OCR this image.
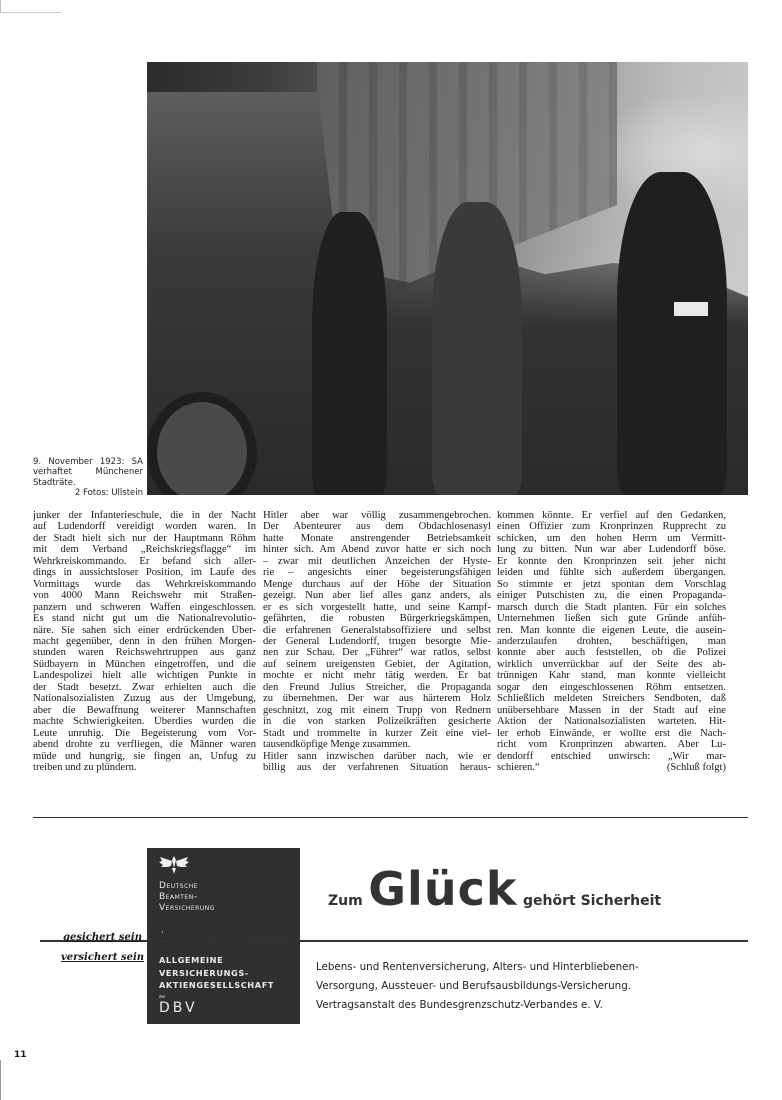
9. November 1923: SA
verhaftet Münchener
Stadträte.
2 Fotos: Ullstein
junker der Infanterieschule, die in der Nacht
auf Ludendorff vereidigt worden waren. In
der Stadt hielt sich nur der Hauptmann Röhm
mit dem Verband „Reichskriegsflagge“ im
Wehrkreiskommando. Er befand sich aller-
dings in aussichtsloser Position, im Laufe des
Vormittags wurde das Wehrkreiskommando
von 4000 Mann Reichswehr mit Straßen-
panzern und schweren Waffen eingeschlossen.
Es stand nicht gut um die Nationalrevolutio-
näre. Sie sahen sich einer erdrückenden Über-
macht gegenüber, denn in den frühen Morgen-
stunden waren Reichswehrtruppen aus ganz
Südbayern in München eingetroffen, und die
Landespolizei hielt alle wichtigen Punkte in
der Stadt besetzt. Zwar erhielten auch die
Nationalsozialisten Zuzug aus der Umgebung,
aber die Bewaffnung weiterer Mannschaften
machte Schwierigkeiten. Überdies wurden die
Leute unruhig. Die Begeisterung vom Vor-
abend drohte zu verfliegen, die Männer waren
müde und hungrig, sie fingen an, Unfug zu
treiben und zu plündern.
Hitler aber war völlig zusammengebrochen.
Der Abenteurer aus dem Obdachlosenasyl
hatte Monate anstrengender Betriebsamkeit
hinter sich. Am Abend zuvor hatte er sich noch
– zwar mit deutlichen Anzeichen der Hyste-
rie – angesichts einer begeisterungsfähigen
Menge durchaus auf der Höhe der Situation
gezeigt. Nun aber lief alles ganz anders, als
er es sich vorgestellt hatte, und seine Kampf-
gefährten, die robusten Bürgerkriegskämpen,
die erfahrenen Generalstabsoffiziere und selbst
der General Ludendorff, trugen besorgte Mie-
nen zur Schau. Der „Führer“ war ratlos, selbst
auf seinem ureigensten Gebiet, der Agitation,
mochte er nicht mehr tätig werden. Er bat
den Freund Julius Streicher, die Propaganda
zu übernehmen. Der war aus härterem Holz
geschnitzt, zog mit einem Trupp von Rednern
in die von starken Polizeikräften gesicherte
Stadt und trommelte in kurzer Zeit eine viel-
tausendköpfige Menge zusammen.
Hitler sann inzwischen darüber nach, wie er
billig aus der verfahrenen Situation heraus-
kommen könnte. Er verfiel auf den Gedanken,
einen Offizier zum Kronprinzen Rupprecht zu
schicken, um den hohen Herrn um Vermitt-
lung zu bitten. Nun war aber Ludendorff böse.
Er konnte den Kronprinzen seit jeher nicht
leiden und fühlte sich außerdem übergangen.
So stimmte er jetzt spontan dem Vorschlag
einiger Putschisten zu, die einen Propaganda-
marsch durch die Stadt planten. Für ein solches
Unternehmen ließen sich gute Gründe anfüh-
ren. Man konnte die eigenen Leute, die ausein-
anderzulaufen drohten, beschäftigen, man
konnte aber auch feststellen, ob die Polizei
wirklich unverrückbar auf der Seite des ab-
trünnigen Kahr stand, man konnte vielleicht
sogar den eingeschlossenen Röhm entsetzen.
Schließlich meldeten Streichers Sendboten, daß
unübersehbare Massen in der Stadt auf eine
Aktion der Nationalsozialisten warteten. Hit-
ler erhob Einwände, er wollte erst die Nach-
richt vom Kronprinzen abwarten. Aber Lu-
dendorff entschied unwirsch: „Wir mar-
schieren.“	(Schluß folgt)
Deutsche
Beamten-
Versicherung
·
ALLGEMEINE
VERSICHERUNGS-
AKTIENGESELLSCHAFT
der
DBV
gesichert sein
versichert sein
Zum Glück gehört Sicherheit
Lebens- und Rentenversicherung, Alters- und Hinterbliebenen-
Versorgung, Aussteuer- und Berufsausbildungs-Versicherung.
Vertragsanstalt des Bundesgrenzschutz-Verbandes e. V.
11
